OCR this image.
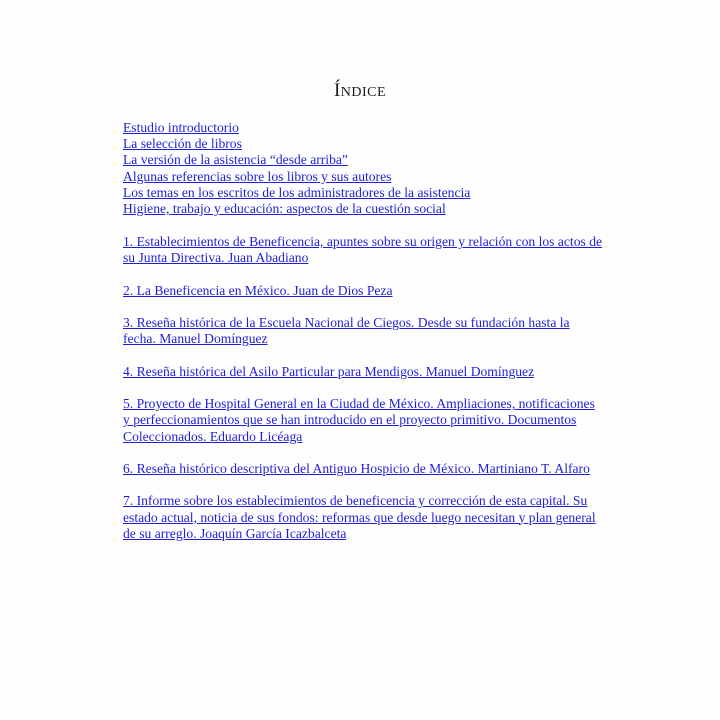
ÍNDICE
Estudio introductorio
La selección de libros
La versión de la asistencia “desde arriba”
Algunas referencias sobre los libros y sus autores
Los temas en los escritos de los administradores de la asistencia
Higiene, trabajo y educación: aspectos de la cuestión social
1. Establecimientos de Beneficencia, apuntes sobre su origen y relación con los actos de su Junta Directiva. Juan Abadiano
2. La Beneficencia en México. Juan de Dios Peza
3. Reseña histórica de la Escuela Nacional de Ciegos. Desde su fundación hasta la fecha. Manuel Domínguez
4. Reseña histórica del Asilo Particular para Mendigos. Manuel Domínguez
5. Proyecto de Hospital General en la Ciudad de México. Ampliaciones, notificaciones y perfeccionamientos que se han introducido en el proyecto primitivo. Documentos Coleccionados. Eduardo Licéaga
6. Reseña histórico descriptiva del Antiguo Hospicio de México. Martiniano T. Alfaro
7. Informe sobre los establecimientos de beneficencia y corrección de esta capital. Su estado actual, noticia de sus fondos: reformas que desde luego necesitan y plan general de su arreglo. Joaquín García Icazbalceta
